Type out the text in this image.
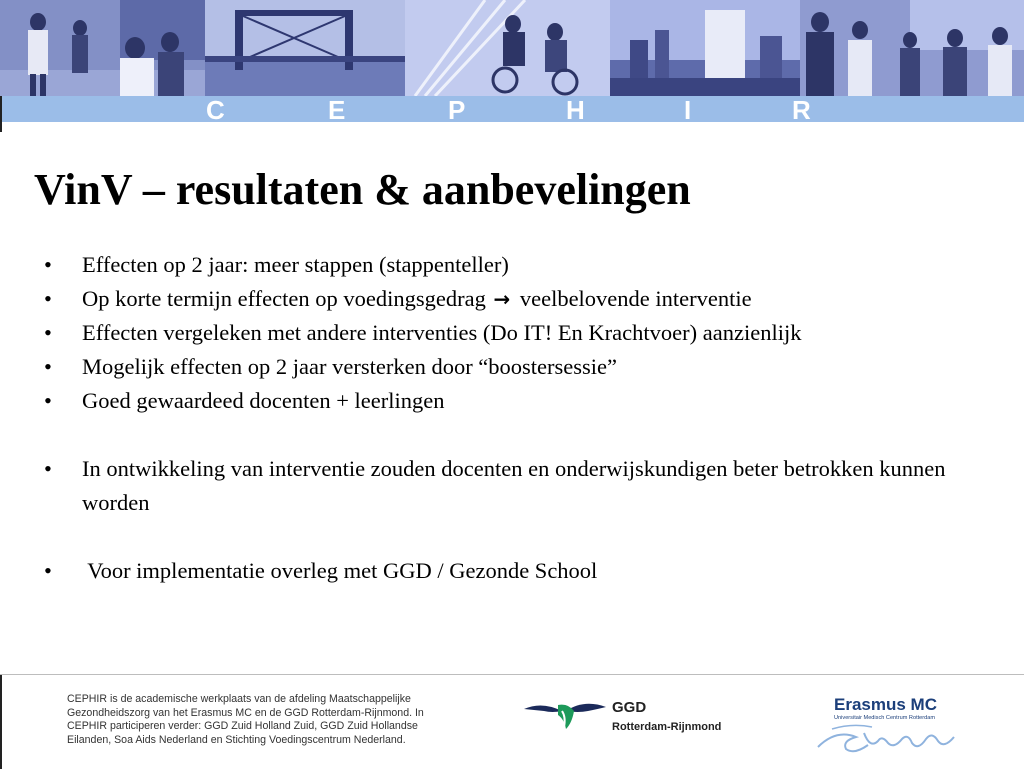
C	E	P	H	I	R
VinV – resultaten & aanbevelingen
• Effecten op 2 jaar: meer stappen (stappenteller)
• Op korte termijn effecten op voedingsgedrag → veelbelovende interventie
• Effecten vergeleken met andere interventies (Do IT! En Krachtvoer) aanzienlijk
• Mogelijk effecten op 2 jaar versterken door “boostersessie”
• Goed gewaardeed docenten + leerlingen
• In ontwikkeling van interventie zouden docenten en onderwijskundigen beter betrokken kunnen worden
• Voor implementatie overleg met GGD / Gezonde School
CEPHIR is de academische werkplaats van de afdeling Maatschappelijke
Gezondheidszorg van het Erasmus MC en de GGD Rotterdam-Rijnmond. In
CEPHIR participeren verder: GGD Zuid Holland Zuid, GGD Zuid Hollandse
Eilanden, Soa Aids Nederland en Stichting Voedingscentrum Nederland.
GGD
Rotterdam-Rijnmond
Erasmus MC
Universitair Medisch Centrum Rotterdam
